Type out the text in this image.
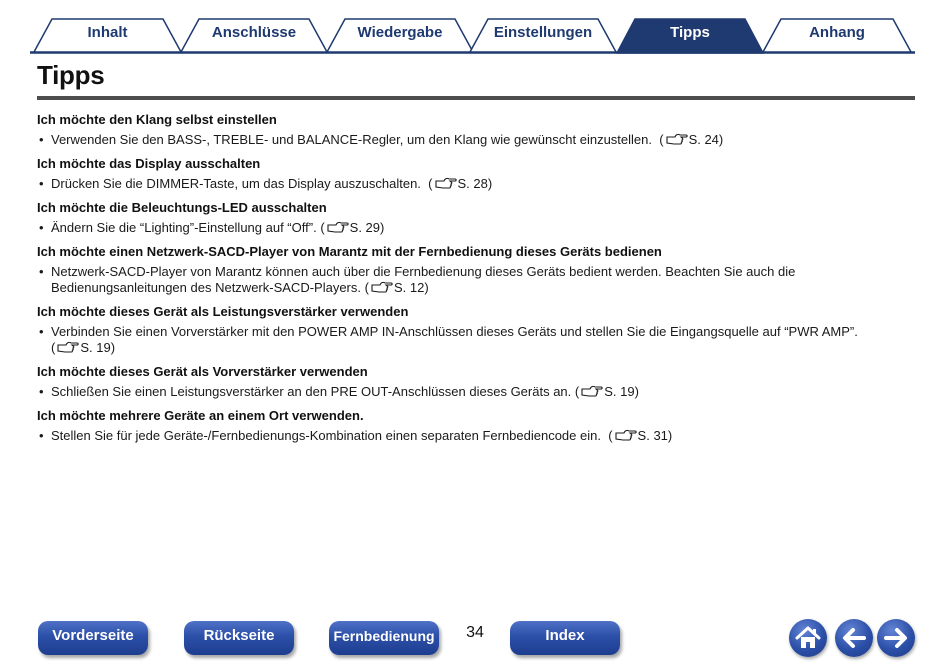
Inhalt	Anschlüsse	Wiedergabe	Einstellungen	Tipps	Anhang
Tipps
Ich möchte den Klang selbst einstellen
• Verwenden Sie den BASS-, TREBLE- und BALANCE-Regler, um den Klang wie gewünscht einzustellen. ( S. 24)
Ich möchte das Display ausschalten
• Drücken Sie die DIMMER-Taste, um das Display auszuschalten. ( S. 28)
Ich möchte die Beleuchtungs-LED ausschalten
• Ändern Sie die “Lighting”-Einstellung auf “Off”. ( S. 29)
Ich möchte einen Netzwerk-SACD-Player von Marantz mit der Fernbedienung dieses Geräts bedienen
• Netzwerk-SACD-Player von Marantz können auch über die Fernbedienung dieses Geräts bedient werden. Beachten Sie auch die Bedienungsanleitungen des Netzwerk-SACD-Players. ( S. 12)
Ich möchte dieses Gerät als Leistungsverstärker verwenden
• Verbinden Sie einen Vorverstärker mit den POWER AMP IN-Anschlüssen dieses Geräts und stellen Sie die Eingangsquelle auf “PWR AMP”. ( S. 19)
Ich möchte dieses Gerät als Vorverstärker verwenden
• Schließen Sie einen Leistungsverstärker an den PRE OUT-Anschlüssen dieses Geräts an. ( S. 19)
Ich möchte mehrere Geräte an einem Ort verwenden.
• Stellen Sie für jede Geräte-/Fernbedienungs-Kombination einen separaten Fernbediencode ein. ( S. 31)
Vorderseite	Rückseite	Fernbedienung	34	Index
